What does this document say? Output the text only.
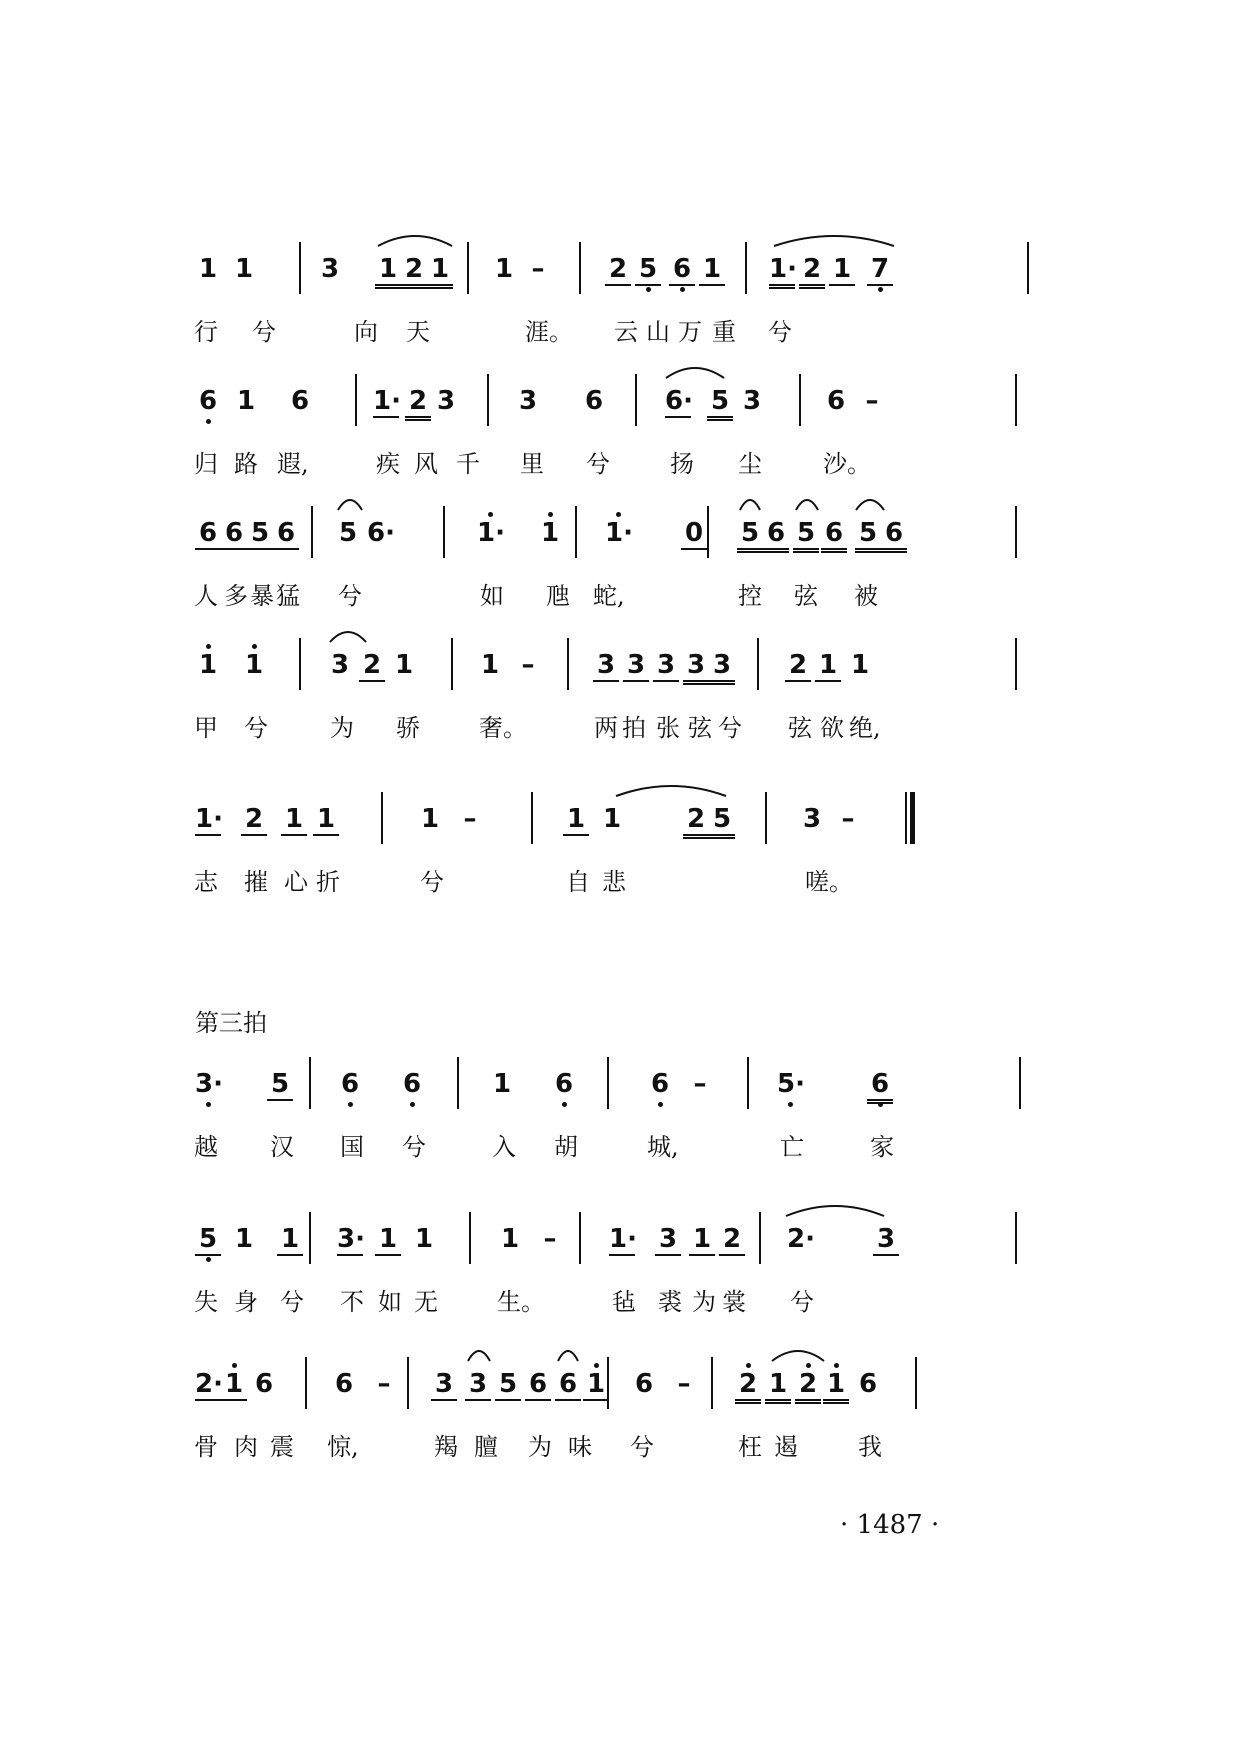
第三拍
· 1487 ·
1 1	3 1 2 1 1 – 2 5 6 1 1· 2 1 7
行 兮	向 天	涯。 云 山 万 重 兮
6 1 6 1· 2 3 3 6 6· 5 3	6 –
归 路 遐,	疾 风 千 里 兮	扬 尘	沙。
6 6 5 6 5 6·	1· 1 1· 0 5 6 5 6 5 6
人 多 暴 猛 兮	如 虺 蛇,	控 弦 被
1 1	3 2 1	1 – 3 3 3 3 3 2 1 1
甲 兮	为 骄 奢。	两 拍 张 弦 兮 弦 欲 绝,
1· 2 1 1	1 –	1 1	2 5	3 –
志 摧 心 折	兮	自 悲	嗟。
3· 5 6 6	1 6	6 –	5·	6
越 汉 国 兮	入 胡	城,	亡	家
5 1 1 3· 1 1	1 – 1· 3 1 2 2· 3
失 身 兮 不 如 无 生。	毡 裘 为 裳 兮
2· 1 6 6 – 3 3 5 6 6 1 6 – 2 1 2 1 6
骨 肉 震 惊,	羯 膻 为 味 兮	枉 遏	我
